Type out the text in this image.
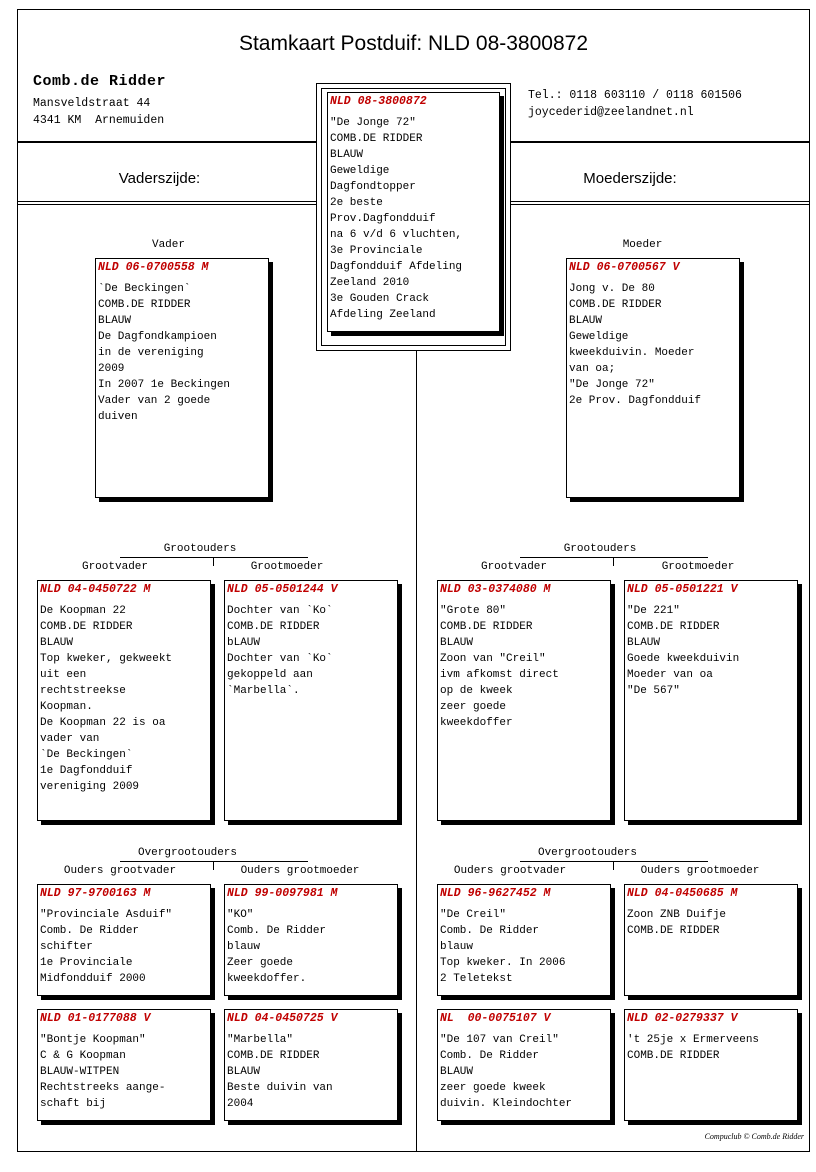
Stamkaart Postduif: NLD 08-3800872
Comb.de Ridder
Mansveldstraat 44
4341 KM  Arnemuiden
Tel.: 0118 603110 / 0118 601506
joycederid@zeelandnet.nl
Vaderszijde:	Moederszijde:
NLD 08-3800872
"De Jonge 72"
COMB.DE RIDDER
BLAUW
Geweldige
Dagfondtopper
2e beste
Prov.Dagfondduif
na 6 v/d 6 vluchten,
3e Provinciale
Dagfondduif Afdeling
Zeeland 2010
3e Gouden Crack
Afdeling Zeeland
Vader	Moeder
NLD 06-0700558 M
`De Beckingen`
COMB.DE RIDDER
BLAUW
De Dagfondkampioen
in de vereniging
2009
In 2007 1e Beckingen
Vader van 2 goede
duiven
NLD 06-0700567 V
Jong v. De 80
COMB.DE RIDDER
BLAUW
Geweldige
kweekduivin. Moeder
van oa;
"De Jonge 72"
2e Prov. Dagfondduif
Grootouders
Grootvader	Grootmoeder
Grootouders
Grootvader	Grootmoeder
NLD 04-0450722 M
De Koopman 22
COMB.DE RIDDER
BLAUW
Top kweker, gekweekt
uit een
rechtstreekse
Koopman.
De Koopman 22 is oa
vader van
`De Beckingen`
1e Dagfondduif
vereniging 2009
NLD 05-0501244 V
Dochter van `Ko`
COMB.DE RIDDER
bLAUW
Dochter van `Ko`
gekoppeld aan
`Marbella`.
NLD 03-0374080 M
"Grote 80"
COMB.DE RIDDER
BLAUW
Zoon van "Creil"
ivm afkomst direct
op de kweek
zeer goede
kweekdoffer
NLD 05-0501221 V
"De 221"
COMB.DE RIDDER
BLAUW
Goede kweekduivin
Moeder van oa
"De 567"
Overgrootouders
Ouders grootvader	Ouders grootmoeder
Overgrootouders
Ouders grootvader	Ouders grootmoeder
NLD 97-9700163 M
"Provinciale Asduif"
Comb. De Ridder
schifter
1e Provinciale
Midfondduif 2000
NLD 99-0097981 M
"KO"
Comb. De Ridder
blauw
Zeer goede
kweekdoffer.
NLD 96-9627452 M
"De Creil"
Comb. De Ridder
blauw
Top kweker. In 2006
2 Teletekst
NLD 04-0450685 M
Zoon ZNB Duifje
COMB.DE RIDDER
NLD 01-0177088 V
"Bontje Koopman"
C & G Koopman
BLAUW-WITPEN
Rechtstreeks aange-
schaft bij
NLD 04-0450725 V
"Marbella"
COMB.DE RIDDER
BLAUW
Beste duivin van
2004
NL  00-0075107 V
"De 107 van Creil"
Comb. De Ridder
BLAUW
zeer goede kweek
duivin. Kleindochter
NLD 02-0279337 V
't 25je x Ermerveens
COMB.DE RIDDER
Compuclub © Comb.de Ridder
